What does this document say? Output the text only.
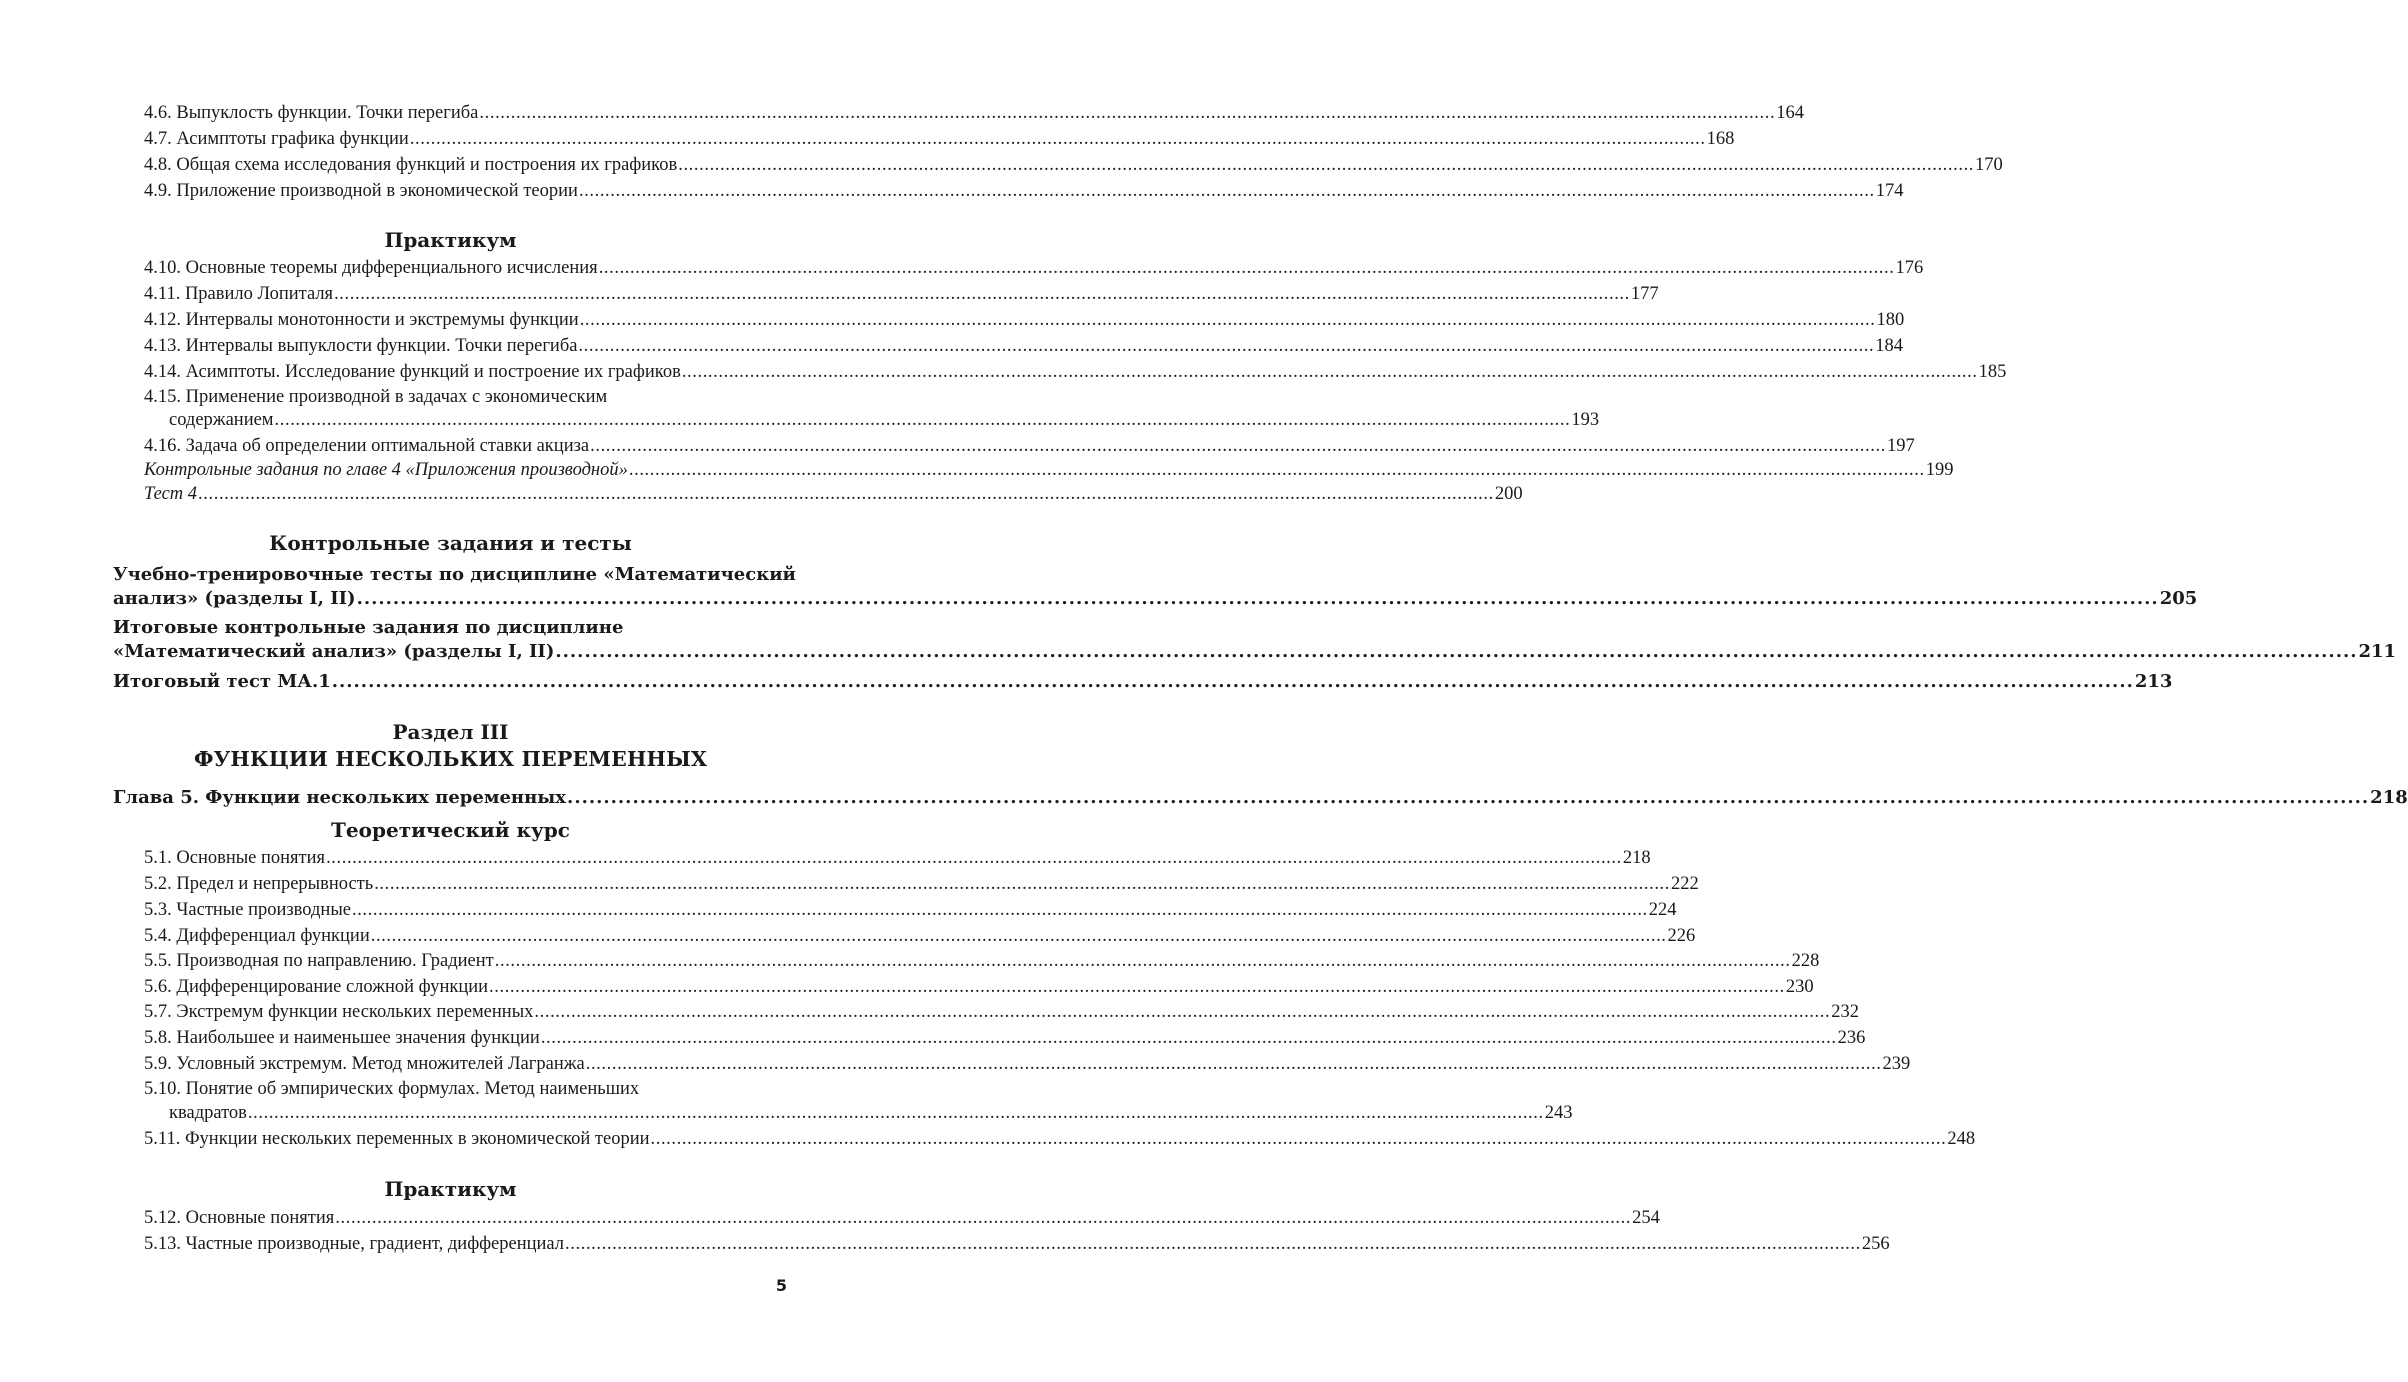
4.6. Выпуклость функции. Точки перегиба .....	164
4.7. Асимптоты графика функции .....	168
4.8. Общая схема исследования функций и построения их графиков .....	170
4.9. Приложение производной в экономической теории .....	174
Практикум
4.10. Основные теоремы дифференциального исчисления .....	176
4.11. Правило Лопиталя .....	177
4.12. Интервалы монотонности и экстремумы функции .....	180
4.13. Интервалы выпуклости функции. Точки перегиба .....	184
4.14. Асимптоты. Исследование функций и построение их графиков .....	185
4.15. Применение производной в задачах с экономическим
содержанием .....	193
4.16. Задача об определении оптимальной ставки акциза .....	197
Контрольные задания по главе 4 «Приложения производной» .....	199
Тест 4 .....	200
Контрольные задания и тесты
Учебно-тренировочные тесты по дисциплине «Математический
анализ» (разделы I, II) .....	205
Итоговые контрольные задания по дисциплине
«Математический анализ» (разделы I, II) .....	211
Итоговый тест МА.1 .....	213
Раздел III
ФУНКЦИИ НЕСКОЛЬКИХ ПЕРЕМЕННЫХ
Глава 5. Функции нескольких переменных .....	218
Теоретический курс
5.1. Основные понятия .....	218
5.2. Предел и непрерывность .....	222
5.3. Частные производные .....	224
5.4. Дифференциал функции .....	226
5.5. Производная по направлению. Градиент .....	228
5.6. Дифференцирование сложной функции .....	230
5.7. Экстремум функции нескольких переменных .....	232
5.8. Наибольшее и наименьшее значения функции .....	236
5.9. Условный экстремум. Метод множителей Лагранжа .....	239
5.10. Понятие об эмпирических формулах. Метод наименьших
квадратов .....	243
5.11. Функции нескольких переменных в экономической теории .....	248
Практикум
5.12. Основные понятия .....	254
5.13. Частные производные, градиент, дифференциал .....	256
5
